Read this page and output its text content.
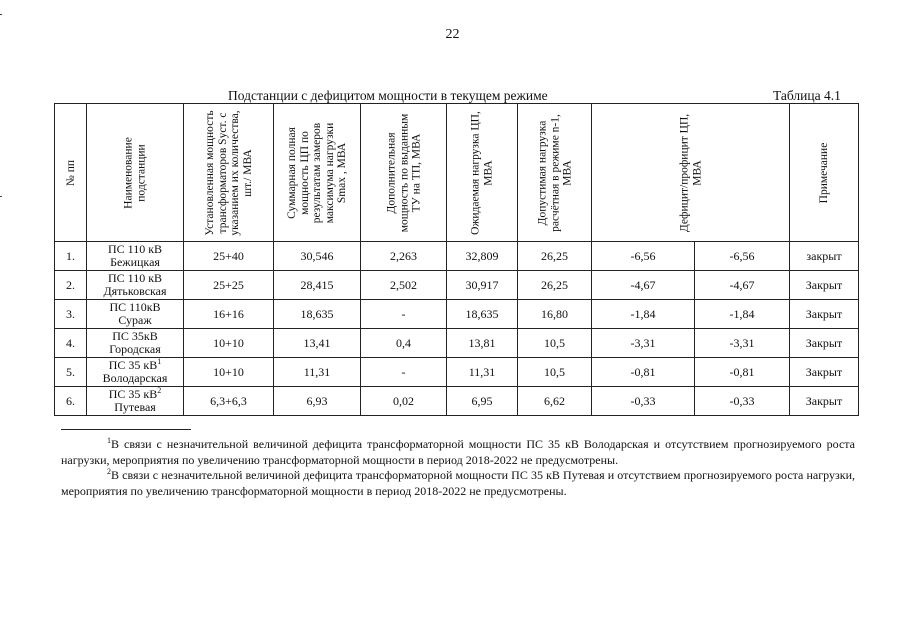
22
Подстанции с дефицитом мощности в текущем режиме	Таблица 4.1
№ пп	Наименование подстанции	Установленная мощность трансформаторов Sуст. с указанием их количества, шт./ МВА	Суммарная полная мощность ЦП по результатам замеров максимума нагрузки Smax , МВА	Дополнительная мощность по выданным ТУ на ТП, МВА	Ожидаемая нагрузка ЦП, МВА	Допустимая нагрузка расчётная в режиме n-1, МВА	Дефицит/профицит ЦП, МВА		Примечание

1.	ПС 110 кВ
Бежицкая	25+40	30,546	2,263	32,809	26,25	-6,56	-6,56	закрыт
2.	ПС 110 кВ
Дятьковская	25+25	28,415	2,502	30,917	26,25	-4,67	-4,67	Закрыт
3.	ПС 110кВ
Сураж	16+16	18,635	-	18,635	16,80	-1,84	-1,84	Закрыт
4.	ПС 35кВ
Городская	10+10	13,41	0,4	13,81	10,5	-3,31	-3,31	Закрыт
5.	ПС 35 $кВ^1$
Володарская	10+10	11,31	-	11,31	10,5	-0,81	-0,81	Закрыт
6.	ПС 35 $кВ^2$
Путевая	6,3+6,3	6,93	0,02	6,95	6,62	-0,33	-0,33	Закрыт
$^1$В связи с незначительной величиной дефицита трансформаторной мощности ПС 35 кВ Володарская и отсутствием прогнозируемого роста нагрузки, мероприятия по увеличению трансформаторной мощности в период 2018-2022 не предусмотрены.
$^2$В связи с незначительной величиной дефицита трансформаторной мощности ПС 35 кВ Путевая и отсутствием прогнозируемого роста нагрузки, мероприятия по увеличению трансформаторной мощности в период 2018-2022 не предусмотрены.
